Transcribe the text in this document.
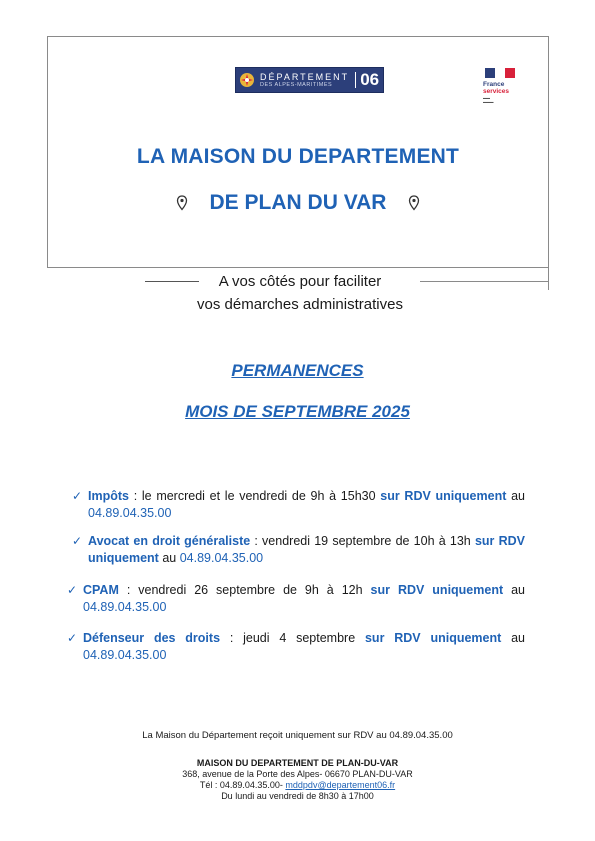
DÉPARTEMENT
DES ALPES-MARITIMES	06	France
services
▬▬
▬▬▬
LA MAISON DU DEPARTEMENT
DE PLAN DU VAR
A vos côtés pour faciliter
vos démarches administratives
PERMANENCES
MOIS DE SEPTEMBRE 2025
✓ Impôts : le mercredi et le vendredi de 9h à 15h30 sur RDV uniquement au 04.89.04.35.00
✓ Avocat en droit généraliste : vendredi 19 septembre de 10h à 13h sur RDV uniquement au 04.89.04.35.00
✓ CPAM : vendredi 26 septembre de 9h à 12h sur RDV uniquement au 04.89.04.35.00
✓ Défenseur des droits : jeudi 4 septembre sur RDV uniquement au 04.89.04.35.00
La Maison du Département reçoit uniquement sur RDV au 04.89.04.35.00
MAISON DU DEPARTEMENT DE PLAN-DU-VAR
368, avenue de la Porte des Alpes- 06670 PLAN-DU-VAR
Tél : 04.89.04.35.00- mddpdv@departement06.fr
Du lundi au vendredi de 8h30 à 17h00
